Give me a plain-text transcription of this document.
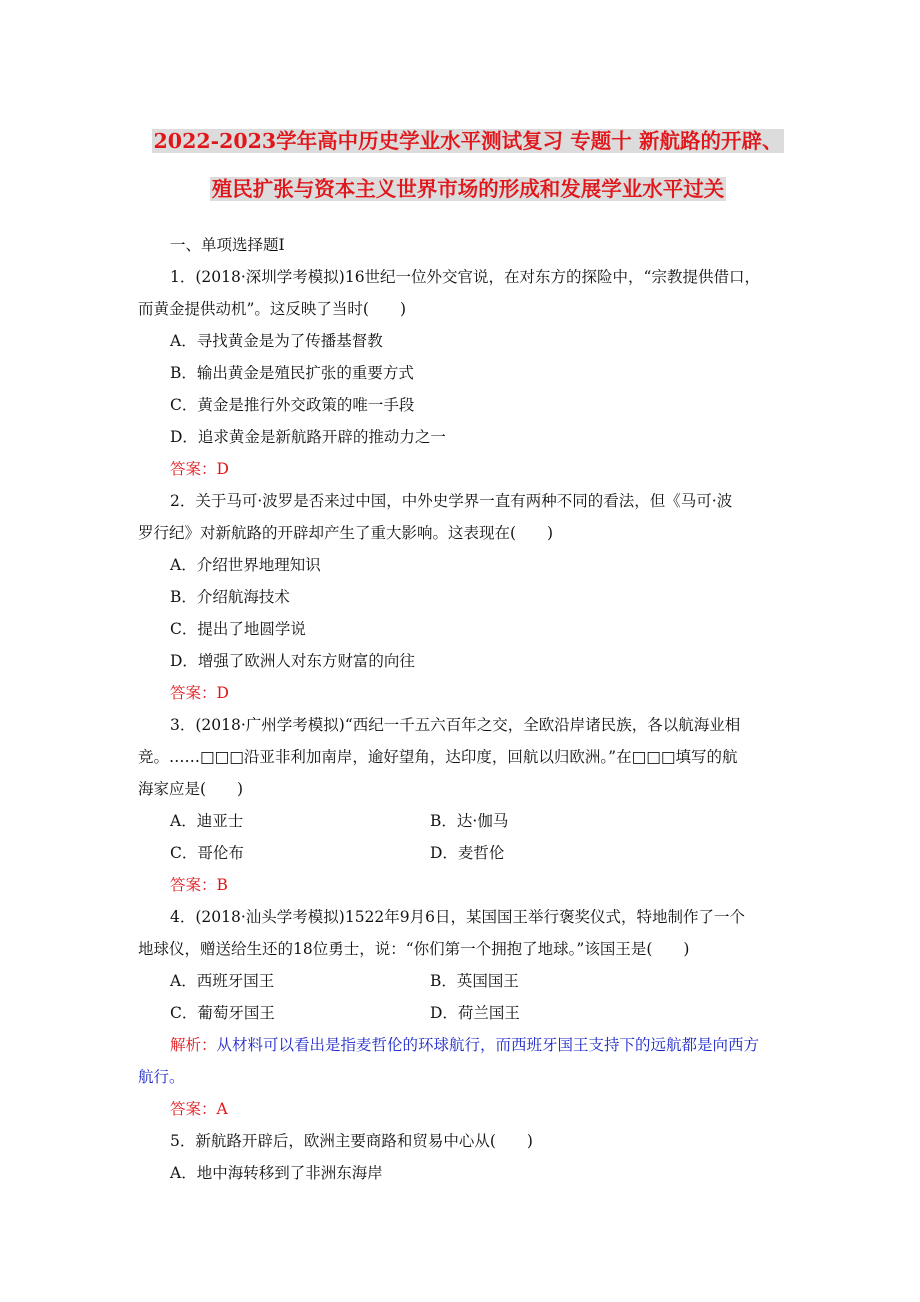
2022-2023学年高中历史学业水平测试复习 专题十 新航路的开辟、
殖民扩张与资本主义世界市场的形成和发展学业水平过关
一、单项选择题Ⅰ
1．(2018·深圳学考模拟)16世纪一位外交官说，在对东方的探险中，“宗教提供借口，
而黄金提供动机”。这反映了当时(　　)
A．寻找黄金是为了传播基督教
B．输出黄金是殖民扩张的重要方式
C．黄金是推行外交政策的唯一手段
D．追求黄金是新航路开辟的推动力之一
答案：D
2．关于马可·波罗是否来过中国，中外史学界一直有两种不同的看法，但《马可·波
罗行纪》对新航路的开辟却产生了重大影响。这表现在(　　)
A．介绍世界地理知识
B．介绍航海技术
C．提出了地圆学说
D．增强了欧洲人对东方财富的向往
答案：D
3．(2018·广州学考模拟)“西纪一千五六百年之交，全欧沿岸诸民族，各以航海业相
竞。……□□□沿亚非利加南岸，逾好望角，达印度，回航以归欧洲。”在□□□填写的航
海家应是(　　)
A．迪亚士	B．达·伽马
C．哥伦布	D．麦哲伦
答案：B
4．(2018·汕头学考模拟)1522年9月6日，某国国王举行褒奖仪式，特地制作了一个
地球仪，赠送给生还的18位勇士，说：“你们第一个拥抱了地球。”该国王是(　　)
A．西班牙国王	B．英国国王
C．葡萄牙国王	D．荷兰国王
解析：从材料可以看出是指麦哲伦的环球航行，而西班牙国王支持下的远航都是向西方
航行。
答案：A
5．新航路开辟后，欧洲主要商路和贸易中心从(　　)
A．地中海转移到了非洲东海岸
